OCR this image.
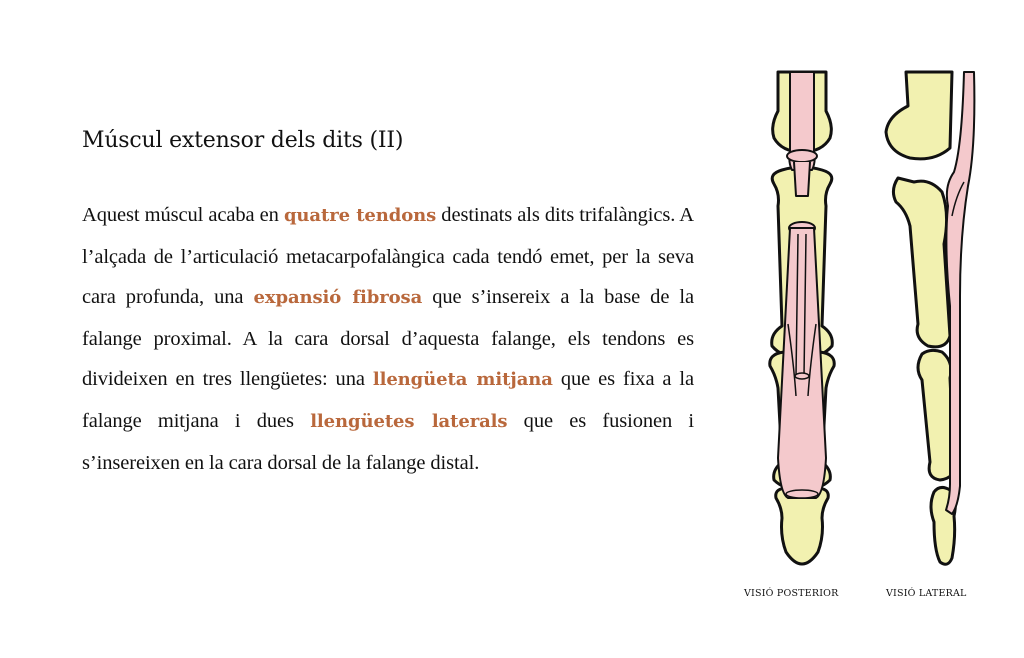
Múscul extensor dels dits (II)

Aquest múscul acaba en quatre tendons destinats als dits trifalàngics. A l’alçada de l’articulació metacarpofalàngica cada tendó emet, per la seva cara profunda, una expansió fibrosa que s’insereix a la base de la falange proximal. A la cara dorsal d’aquesta falange, els tendons es divideixen en tres llengüetes: una llengüeta mitjana que es fixa a la falange mitjana i dues llengüetes laterals que es fusionen i s’insereixen en la cara dorsal de la falange distal.

VISIÓ POSTERIOR	VISIÓ LATERAL
